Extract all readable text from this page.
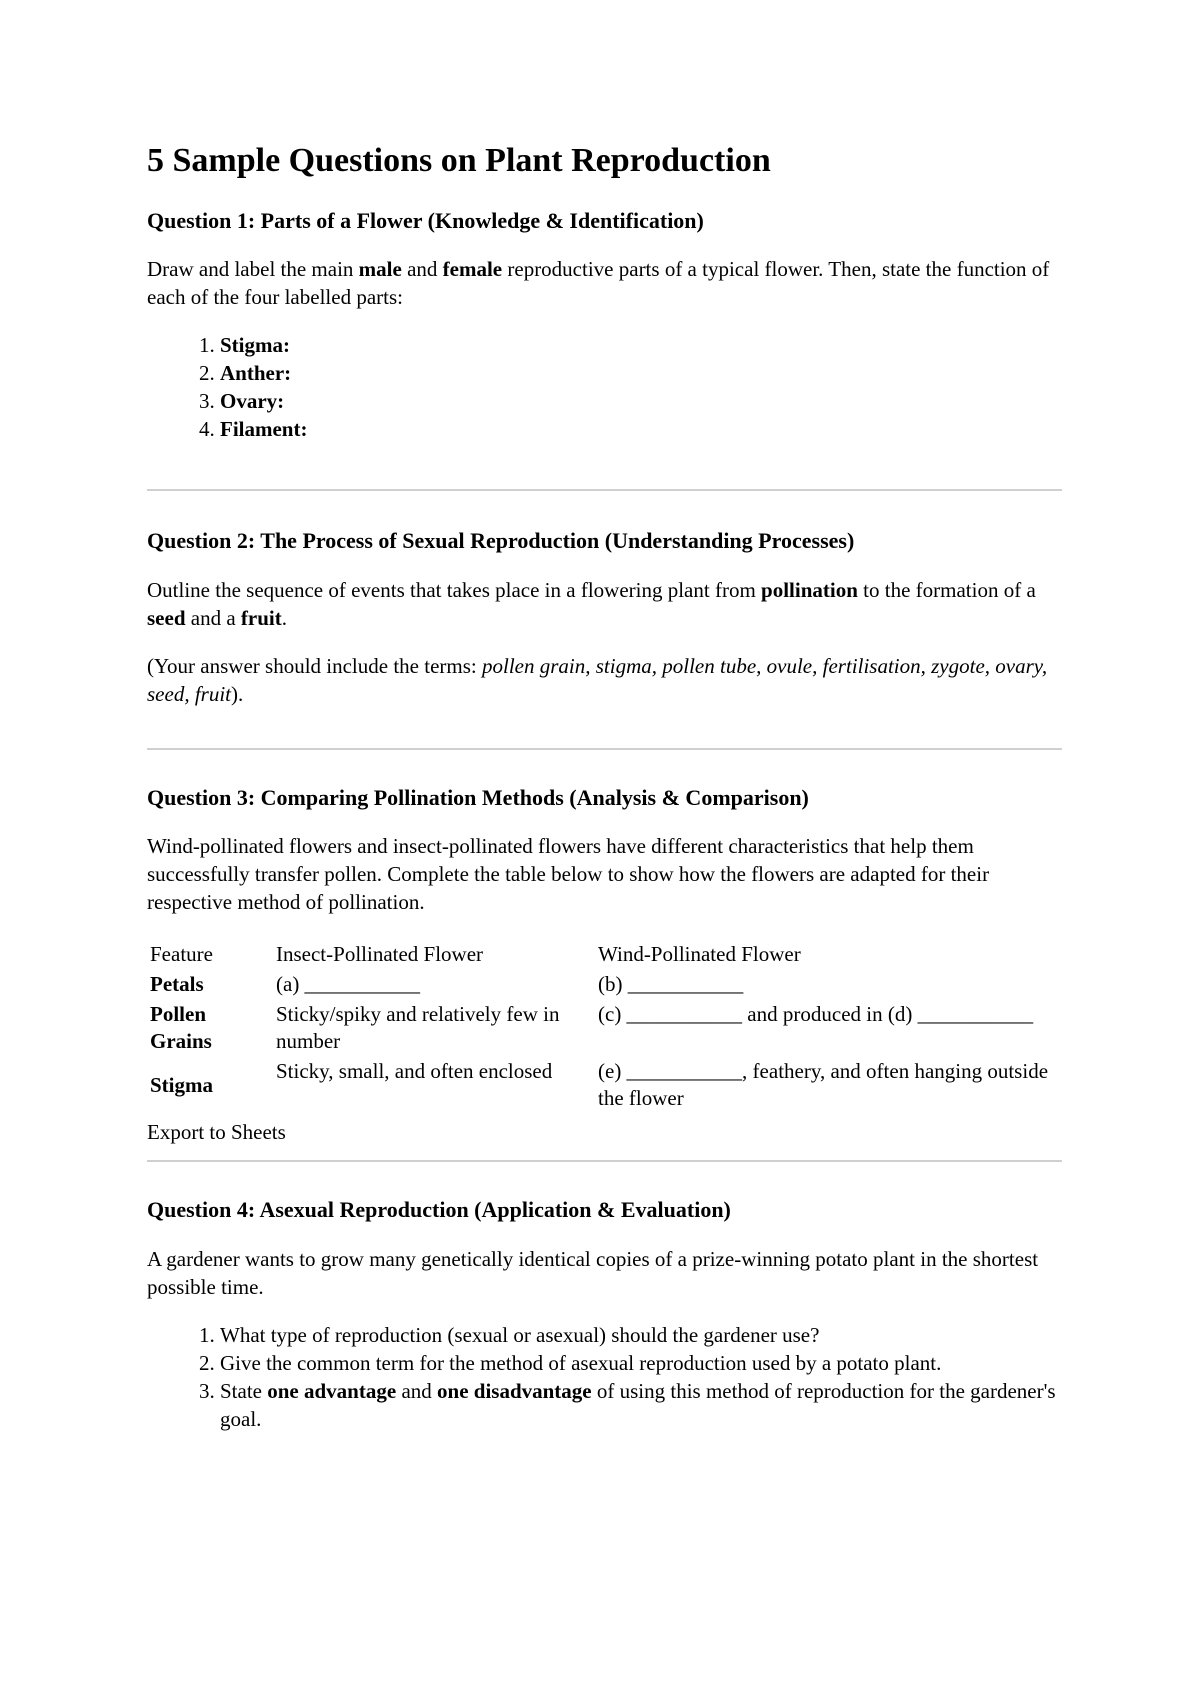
5 Sample Questions on Plant Reproduction
Question 1: Parts of a Flower (Knowledge & Identification)

Draw and label the main male and female reproductive parts of a typical flower. Then, state the function of each of the four labelled parts:

1. Stigma:
2. Anther:
3. Ovary:
4. Filament:
Question 2: The Process of Sexual Reproduction (Understanding Processes)

Outline the sequence of events that takes place in a flowering plant from pollination to the formation of a seed and a fruit.

(Your answer should include the terms: pollen grain, stigma, pollen tube, ovule, fertilisation, zygote, ovary, seed, fruit).

Question 3: Comparing Pollination Methods (Analysis & Comparison)

Wind-pollinated flowers and insect-pollinated flowers have different characteristics that help them successfully transfer pollen. Complete the table below to show how the flowers are adapted for their respective method of pollination.

Feature	Insect-Pollinated Flower	Wind-Pollinated Flower
Petals	(a) ___________	(b) ___________
Pollen Grains	Sticky/spiky and relatively few in number	(c) ___________ and produced in (d) ___________
Stigma	Sticky, small, and often enclosed	(e) ___________, feathery, and often hanging outside the flower
Export to Sheets
Question 4: Asexual Reproduction (Application & Evaluation)

A gardener wants to grow many genetically identical copies of a prize-winning potato plant in the shortest possible time.

1. What type of reproduction (sexual or asexual) should the gardener use?
2. Give the common term for the method of asexual reproduction used by a potato plant.
3. State one advantage and one disadvantage of using this method of reproduction for the gardener's goal.
